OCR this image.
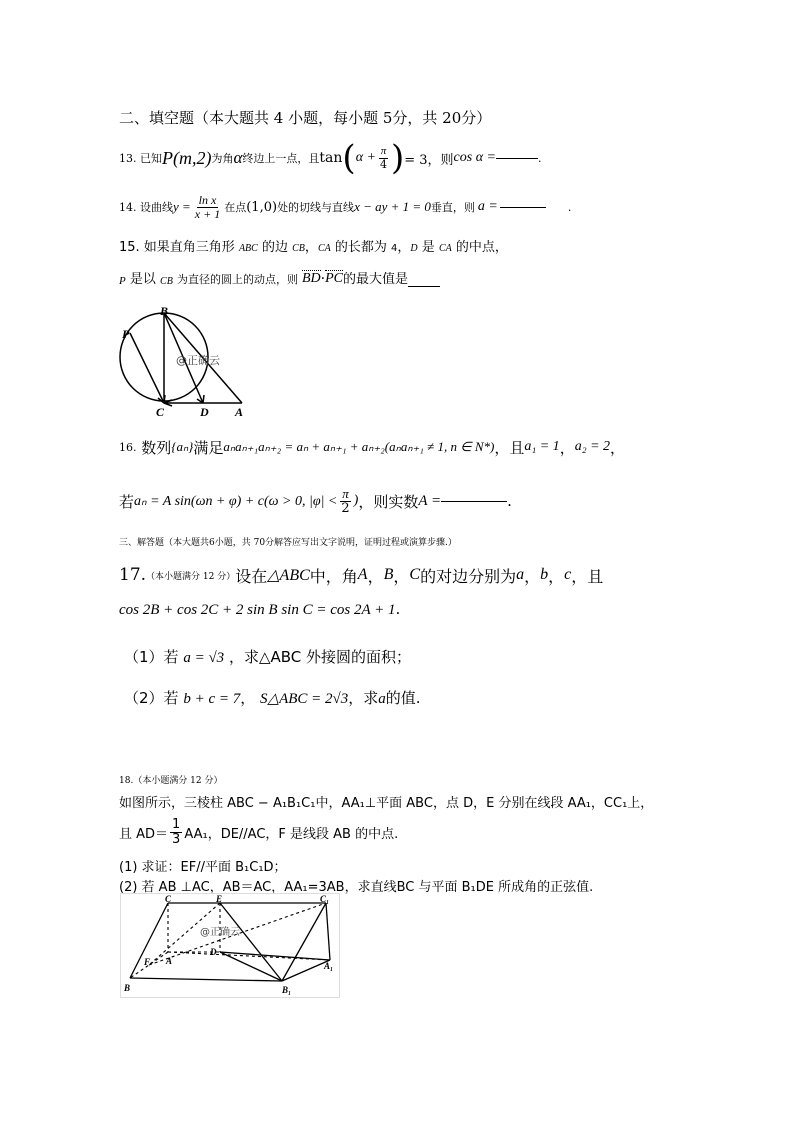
二、填空题（本大题共 4 小题，每小题 5分，共 20分）
13.
已知 P(m,2) 为角 α 终边上一点，且 tan ( $\alpha + \frac{\pi}{4}$ ) = 3，则 cos α =	.
14.
设曲线 $y = \frac{\text{ln x}}{x + 1}$ 在点 (1,0) 处的切线与直线 x − ay + 1 = 0 垂直，则 a =	.
15. 如果直角三角形 ABC 的边 CB，CA 的长都为 4，D 是 CA 的中点，
P
是以
CB
为直径的圆上的动点，则 BD · PC 的最大值是
P
B
C	D A
@正确云
16.
数列 {aₙ} 满足 aₙaₙ₊₁aₙ₊₂ = aₙ + aₙ₊₁ + aₙ₊₂(aₙaₙ₊₁ ≠ 1, n ∈ N*) ，且 a₁ = 1 ， a₂ = 2 ，
若 aₙ = A sin(ωn + φ) + c(ω > 0, $|\varphi| < \frac{\pi}{2}$ ) ，则实数 A =	.
三、解答题（本大题共6小题，共 70分解答应写出文字说明，证明过程或演算步骤.）
17. （本小题满分 12 分） 设在 △ABC 中，角 A ， B ， C 的对边分别为 a ， b ， c ，且
cos 2B + cos 2C + 2 sin B sin C = cos 2A + 1.
（1）若 a = √3 ，求△ABC 外接圆的面积；
（2）若 b + c = 7， S△ABC = 2√3，求a的值.
18.（本小题满分 12 分）
如图所示，三棱柱 ABC − A₁B₁C₁中，AA₁⊥平面 ABC，点 D，E 分别在线段 AA₁，CC₁上，
且 $AD= \frac{1}{3} AA_1$，DE//AC，F 是线段 AB 的中点.
(1) 求证：EF//平面 B₁C₁D；
(2) 若 AB ⊥AC，AB＝AC，AA₁=3AB，求直线BC 与平面 B₁DE 所成角的正弦值.
C	E	C₁
F A
D
A₁
B	B₁
@正确云
